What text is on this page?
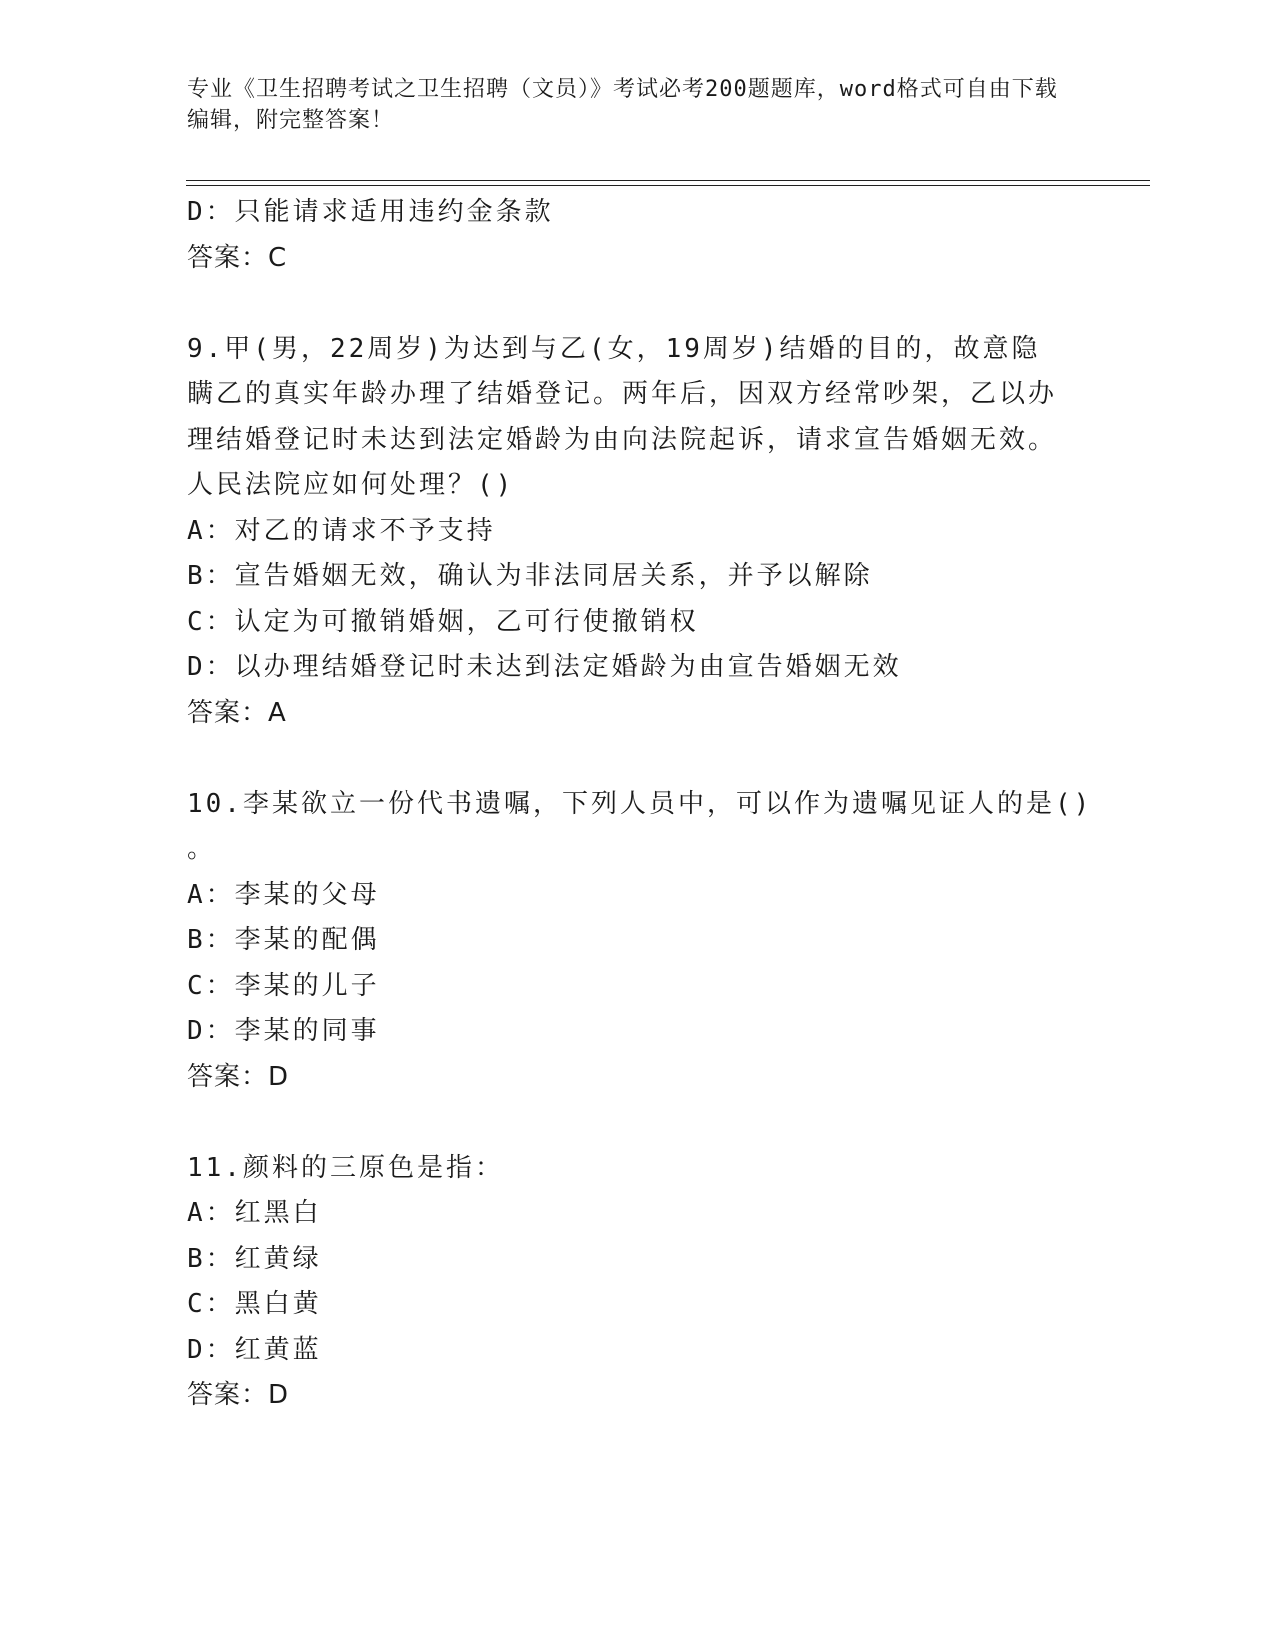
专业《卫生招聘考试之卫生招聘（文员）》考试必考200题题库，word格式可自由下载编辑，附完整答案！
D：只能请求适用违约金条款
答案：C
9.甲(男，22周岁)为达到与乙(女，19周岁)结婚的目的，故意隐瞒乙的真实年龄办理了结婚登记。两年后，因双方经常吵架，乙以办理结婚登记时未达到法定婚龄为由向法院起诉，请求宣告婚姻无效。人民法院应如何处理？()
A：对乙的请求不予支持
B：宣告婚姻无效，确认为非法同居关系，并予以解除
C：认定为可撤销婚姻，乙可行使撤销权
D：以办理结婚登记时未达到法定婚龄为由宣告婚姻无效
答案：A
10.李某欲立一份代书遗嘱，下列人员中，可以作为遗嘱见证人的是()
。
A：李某的父母
B：李某的配偶
C：李某的儿子
D：李某的同事
答案：D
11.颜料的三原色是指：
A：红黑白
B：红黄绿
C：黑白黄
D：红黄蓝
答案：D
